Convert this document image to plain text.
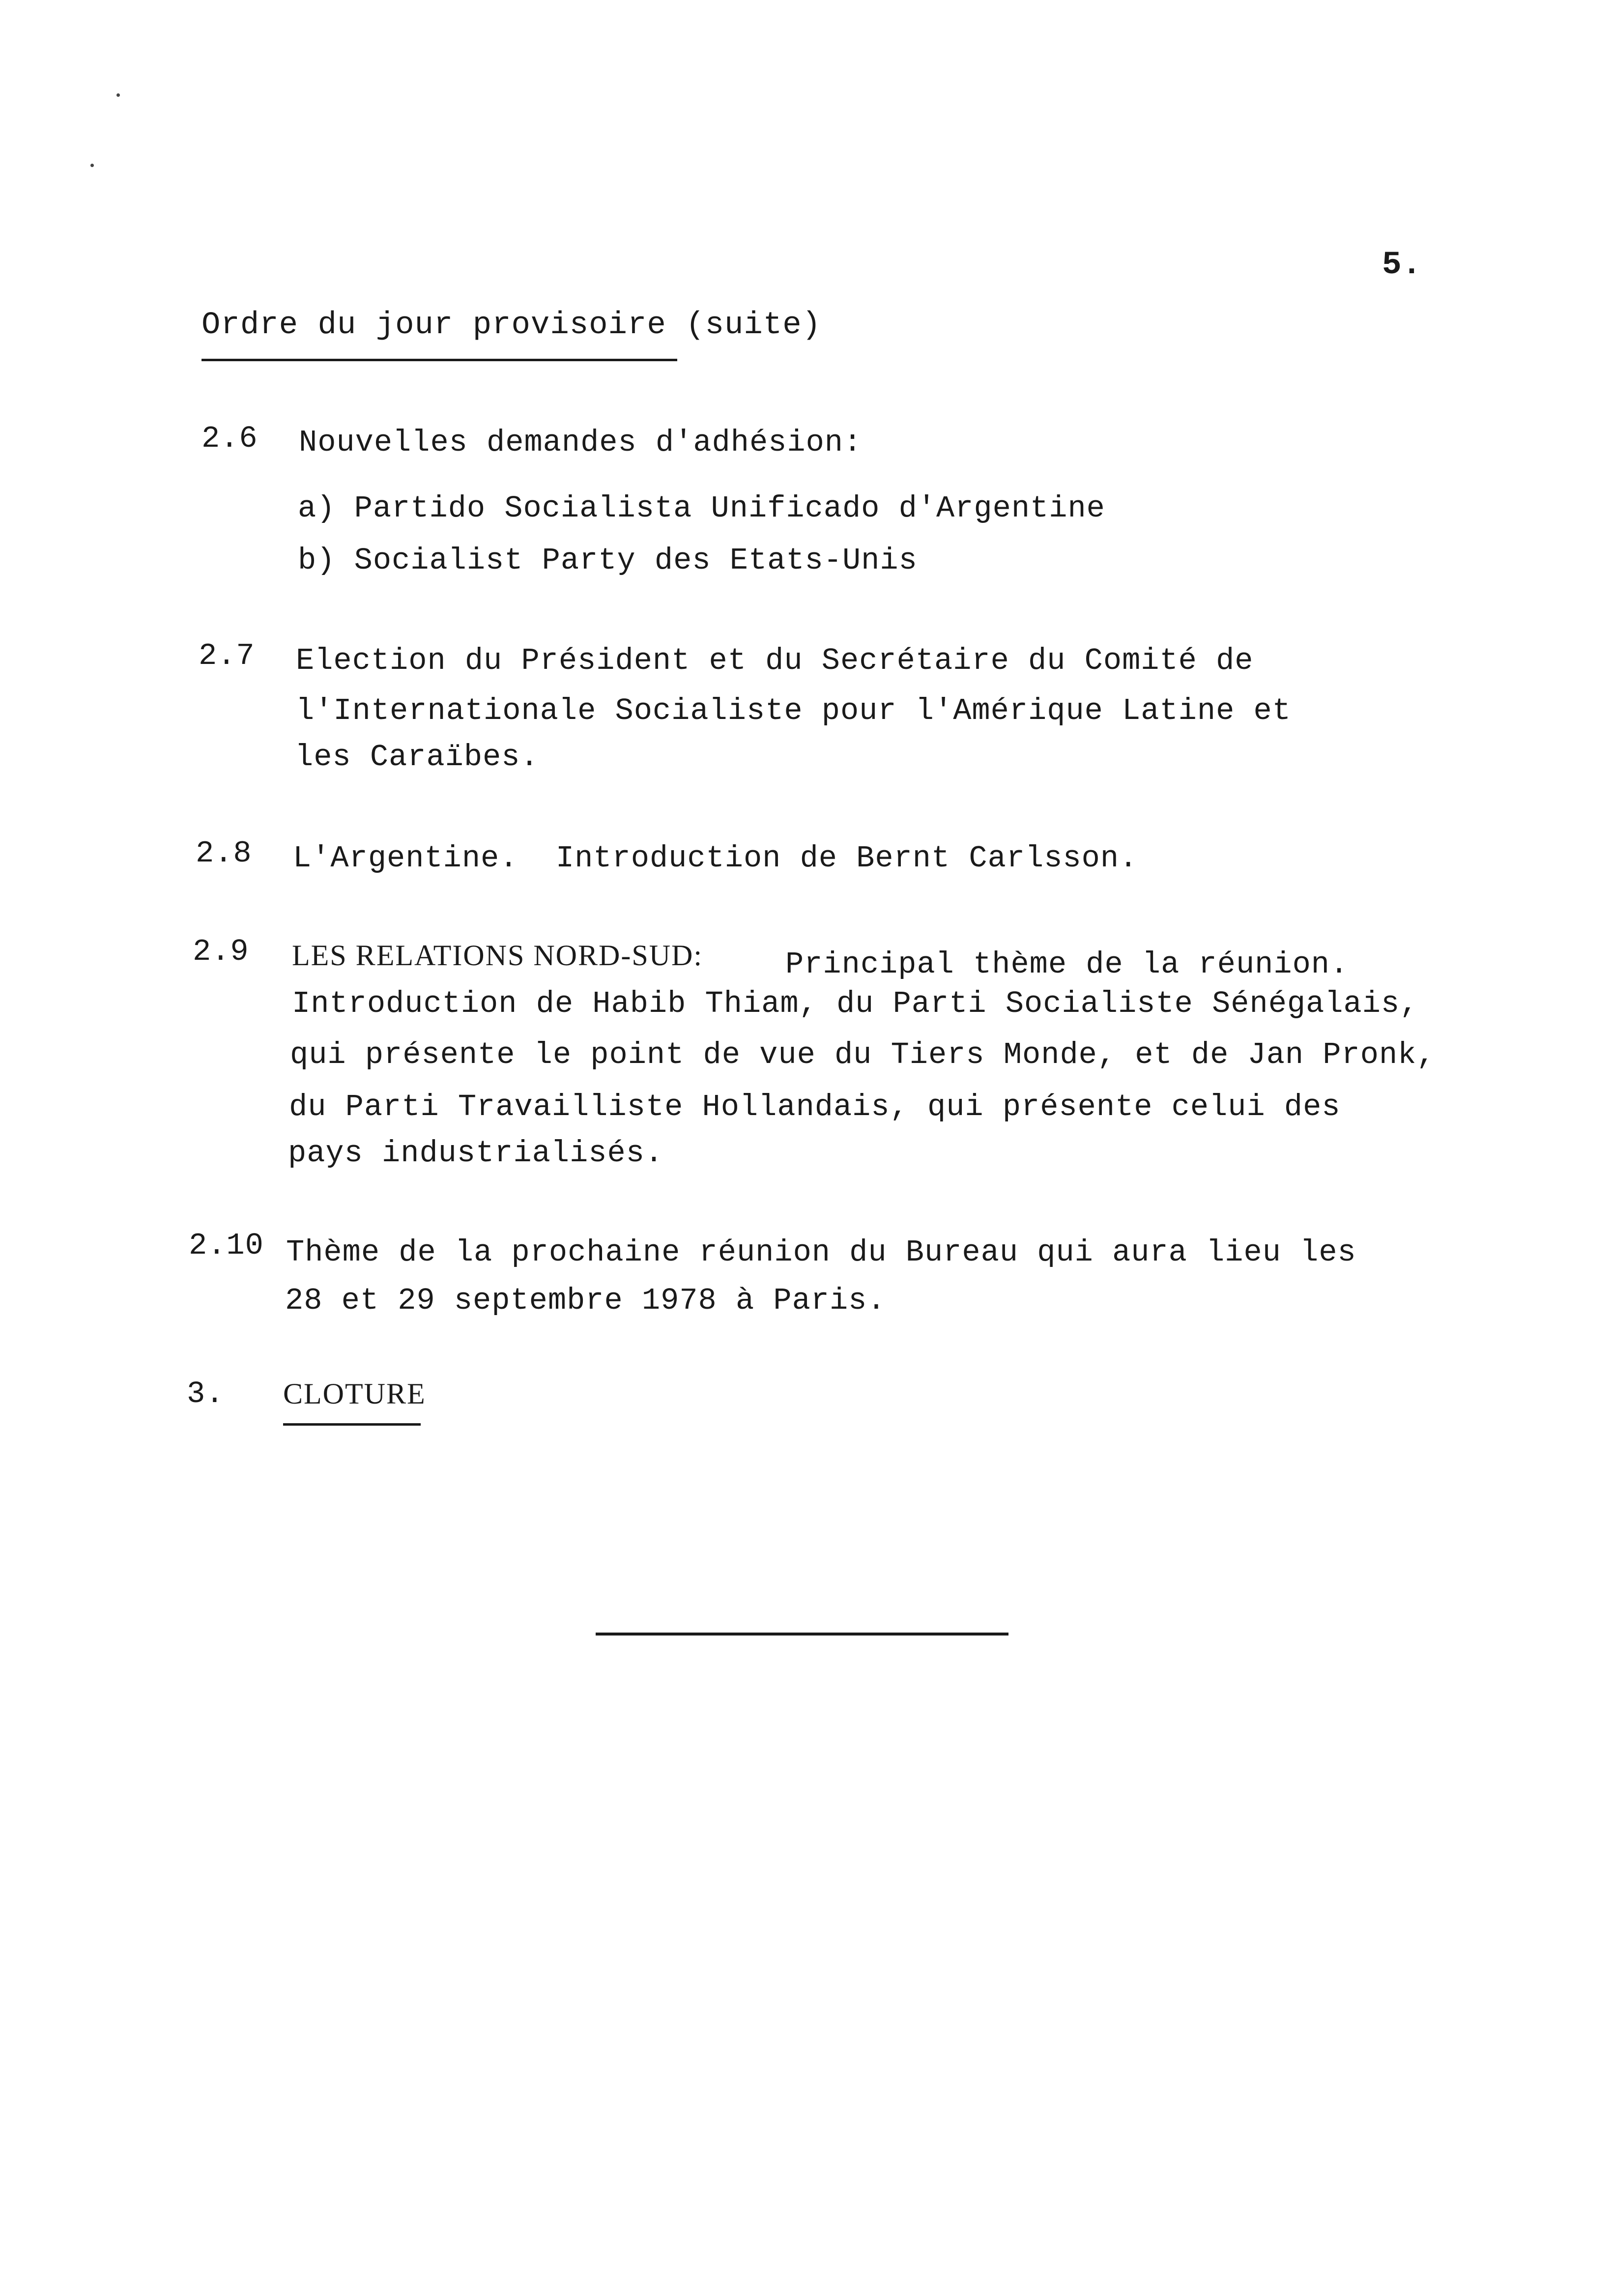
5.
Ordre du jour provisoire (suite)
2.6 Nouvelles demandes d'adhésion:
a) Partido Socialista Unificado d'Argentine
b) Socialist Party des Etats-Unis
2.7 Election du Président et du Secrétaire du Comité de
l'Internationale Socialiste pour l'Amérique Latine et
les Caraïbes.
2.8 L'Argentine.  Introduction de Bernt Carlsson.
2.9 LES RELATIONS NORD-SUD:	Principal thème de la réunion.
Introduction de Habib Thiam, du Parti Socialiste Sénégalais,
qui présente le point de vue du Tiers Monde, et de Jan Pronk,
du Parti Travailliste Hollandais, qui présente celui des
pays industrialisés.
2.10 Thème de la prochaine réunion du Bureau qui aura lieu les
28 et 29 septembre 1978 à Paris.
3. CLOTURE
